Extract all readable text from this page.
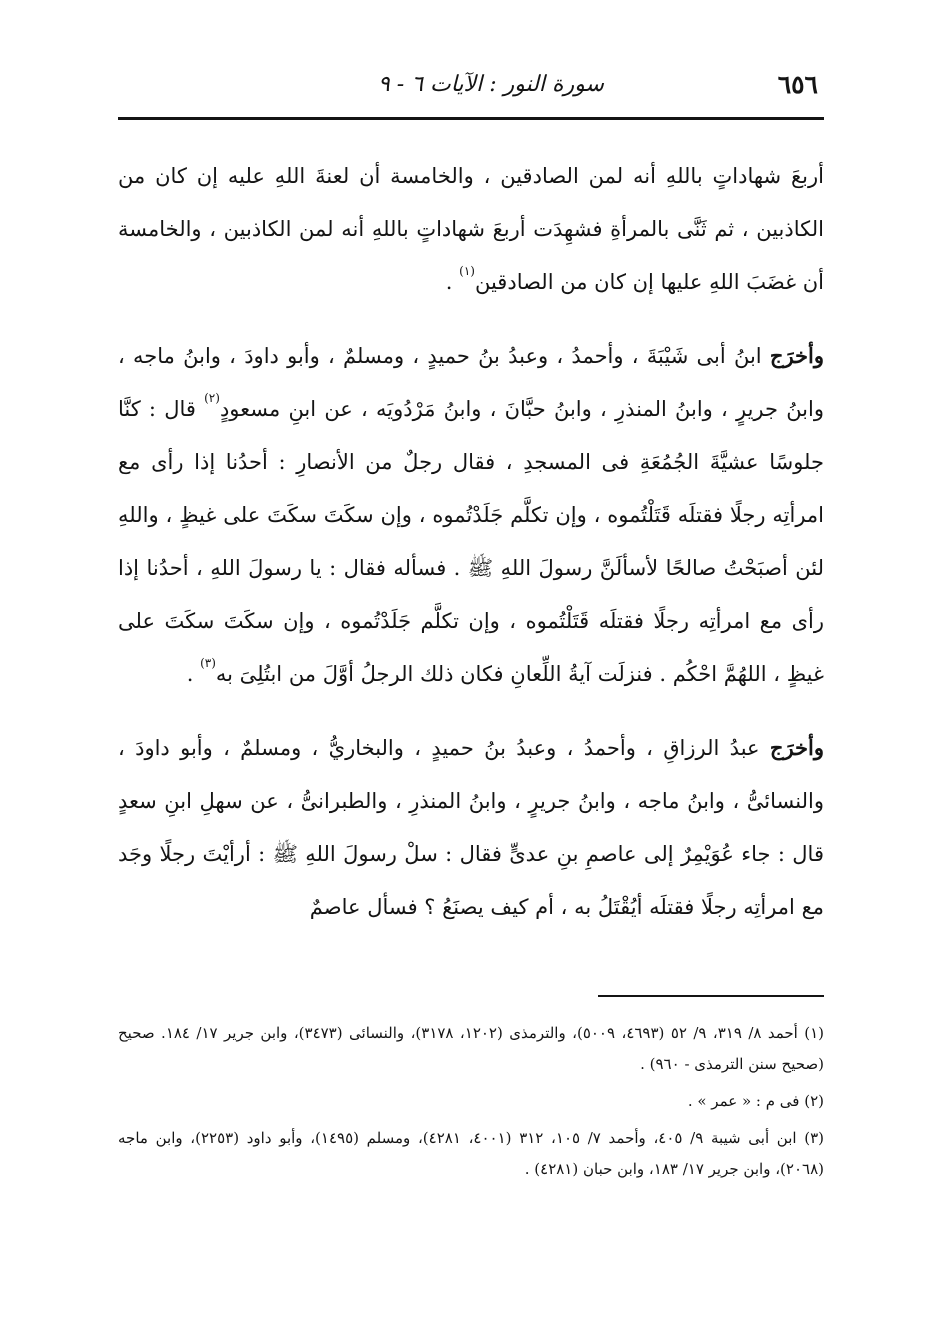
٦٥٦
سورة النور : الآيات ٦ - ٩

أربعَ شهاداتٍ باللهِ أنه لمن الصادقين ، والخامسة أن لعنةَ اللهِ عليه إن كان من الكاذبين ، ثم ثَنَّى بالمرأةِ فشهِدَت أربعَ شهاداتٍ باللهِ أنه لمن الكاذبين ، والخامسة أن غضَبَ اللهِ عليها إن كان من الصادقين$^{(١)}$ .

وأخرَج ابنُ أبى شَيْبَةَ ، وأحمدُ ، وعبدُ بنُ حميدٍ ، ومسلمٌ ، وأبو داودَ ، وابنُ ماجه ، وابنُ جريرٍ ، وابنُ المنذرِ ، وابنُ حبَّانَ ، وابنُ مَرْدُويَه ، عن ابنِ مسعودٍ$^{(٢)}$ قال : كنَّا جلوسًا عشيَّةَ الجُمُعَةِ فى المسجدِ ، فقال رجلٌ من الأنصارِ : أحدُنا إذا رأى مع امرأتِه رجلًا فقتلَه قَتَلْتُموه ، وإن تكلَّم جَلَدْتُموه ، وإن سكَتَ سكَتَ على غيظٍ ، واللهِ لئن أصبَحْتُ صالحًا لأسألَنَّ رسولَ اللهِ ﷺ . فسأله فقال : يا رسولَ اللهِ ، أحدُنا إذا رأى مع امرأتِه رجلًا فقتلَه قَتَلْتُموه ، وإن تكلَّم جَلَدْتُموه ، وإن سكَتَ سكَتَ على غيظٍ ، اللهُمَّ احْكُم . فنزلَت آيةُ اللِّعانِ فكان ذلك الرجلُ أوَّلَ من ابتُلِىَ به$^{(٣)}$ .

وأخرَج عبدُ الرزاقِ ، وأحمدُ ، وعبدُ بنُ حميدٍ ، والبخاريُّ ، ومسلمٌ ، وأبو داودَ ، والنسائىُّ ، وابنُ ماجه ، وابنُ جريرٍ ، وابنُ المنذرِ ، والطبرانىُّ ، عن سهلِ ابنِ سعدٍ قال : جاء عُوَيْمِرٌ إلى عاصمِ بنِ عدىٍّ فقال : سلْ رسولَ اللهِ ﷺ : أرأيْتَ رجلًا وجَد مع امرأتِه رجلًا فقتلَه أيُقْتَلُ به ، أم كيف يصنَعُ ؟ فسأل عاصمٌ

(١) أحمد ٨/ ٣١٩، ٩/ ٥٢ (٤٦٩٣، ٥٠٠٩)، والترمذى (١٢٠٢، ٣١٧٨)، والنسائى (٣٤٧٣)، وابن جرير ١٧/ ١٨٤. صحيح (صحيح سنن الترمذى - ٩٦٠) .

(٢) فى م : « عمر » .

(٣) ابن أبى شيبة ٩/ ٤٠٥، وأحمد ٧/ ١٠٥، ٣١٢ (٤٠٠١، ٤٢٨١)، ومسلم (١٤٩٥)، وأبو داود (٢٢٥٣)، وابن ماجه (٢٠٦٨)، وابن جرير ١٧/ ١٨٣، وابن حبان (٤٢٨١) .
